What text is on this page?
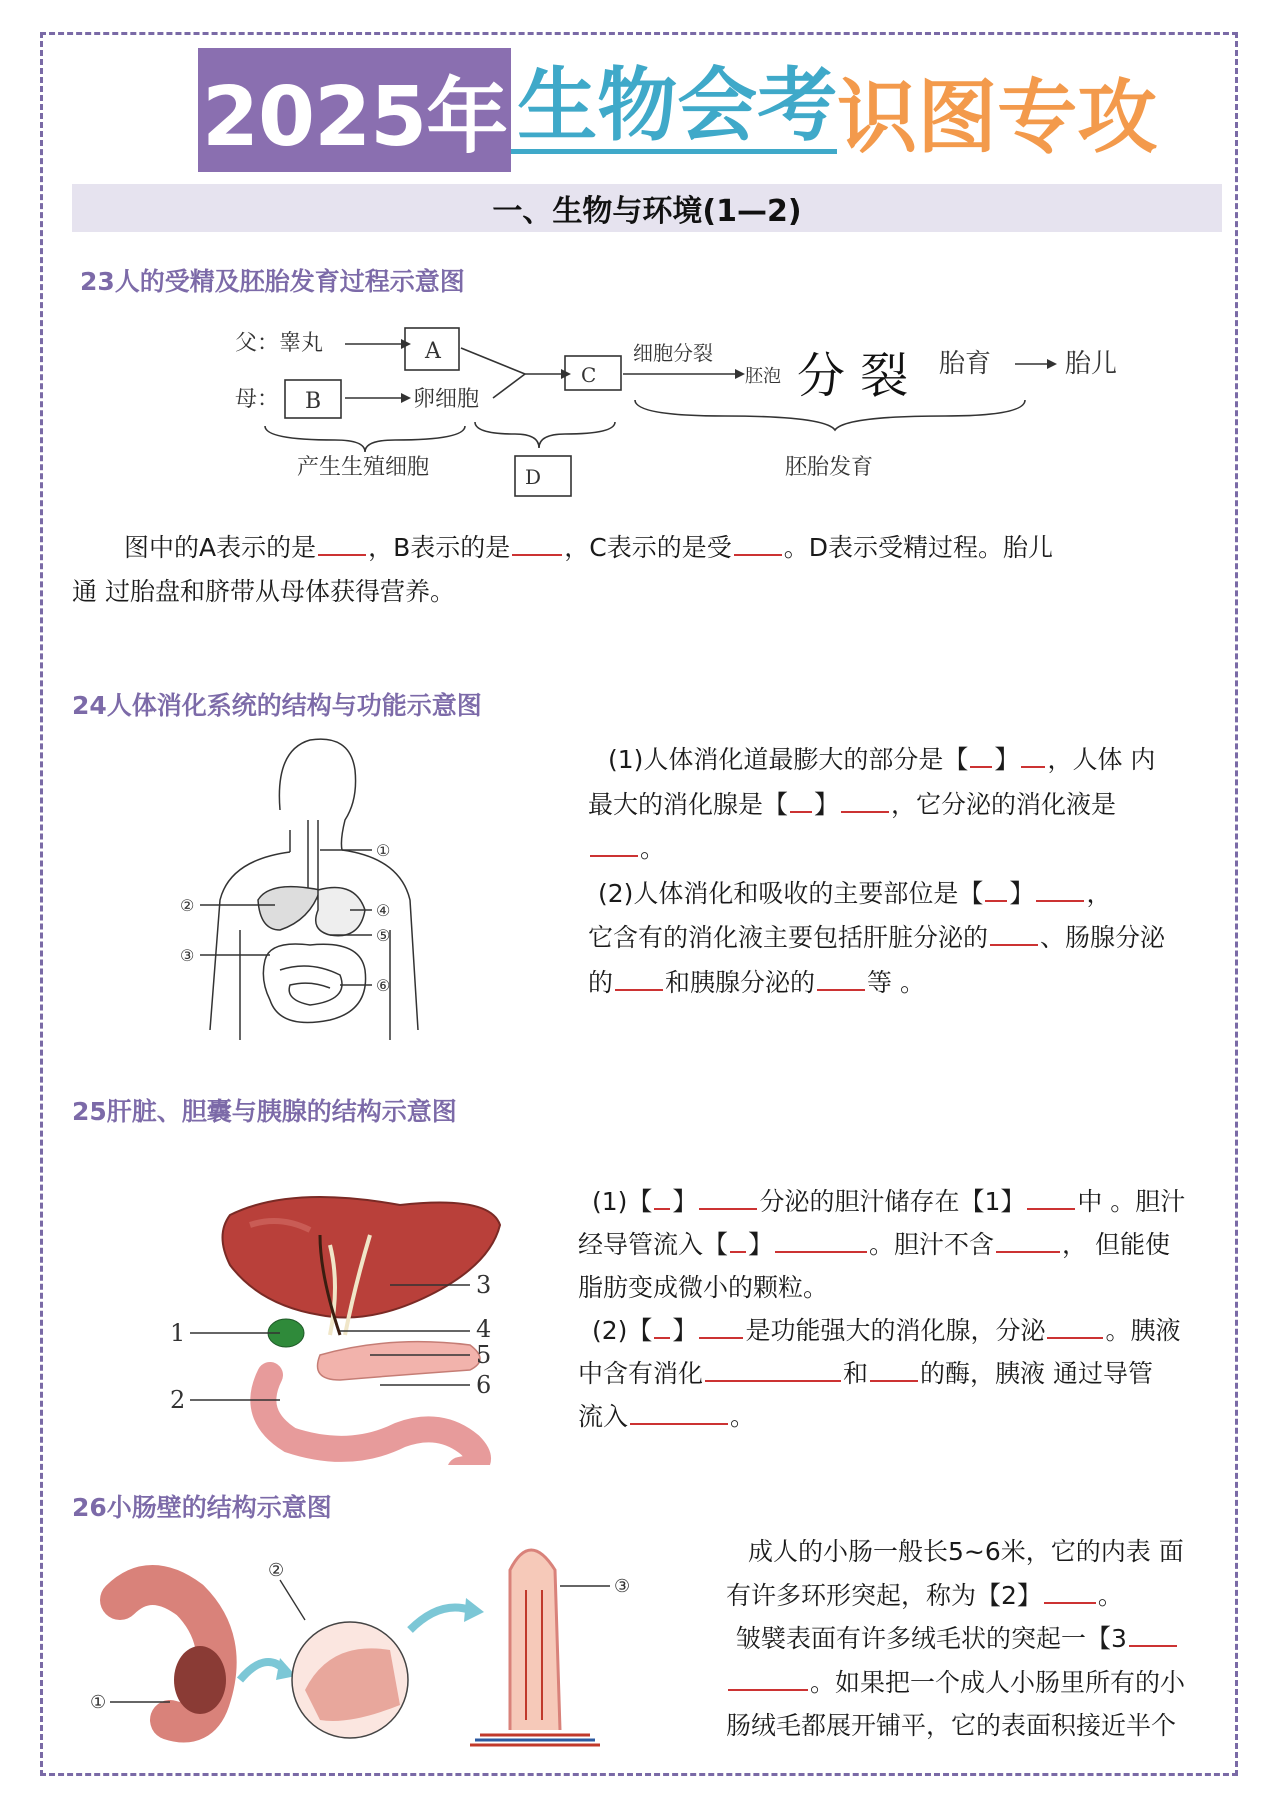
2025年 生物会考 识图专攻
一、生物与环境(1—2)
23人的受精及胚胎发育过程示意图
父：睾丸
母：
A
B	卵细胞
C
细胞分裂
胚泡 分 裂 胎育	胎儿
D
产生生殖细胞	胚胎发育
图中的A表示的是 ，B表示的是 ，C表示的是受 。D表示受精过程。胎儿
通 过胎盘和脐带从母体获得营养。
24人体消化系统的结构与功能示意图
①
②
③
④
⑤
⑥
(1)人体消化道最膨大的部分是【 】 ，人体 内
最大的消化腺是【 】 ，它分泌的消化液是
。
(2)人体消化和吸收的主要部位是【 】 ，
它含有的消化液主要包括肝脏分泌的 、肠腺分泌
的 和胰腺分泌的 等 。
25肝脏、胆囊与胰腺的结构示意图
1
2
3
4
5
6
(1)【 】 分泌的胆汁储存在【1】 中 。胆汁
经导管流入【 】	。胆汁不含	， 但能使
脂肪变成微小的颗粒。
(2)【 】 是功能强大的消化腺，分泌 。胰液
中含有消化	和 的酶，胰液 通过导管
流入	。
26小肠壁的结构示意图
①
②
③
成人的小肠一般长5~6米，它的内表 面
有许多环形突起，称为【2】 。
皱襞表面有许多绒毛状的突起一【3
。如果把一个成人小肠里所有的小
肠绒毛都展开铺平，它的表面积接近半个
